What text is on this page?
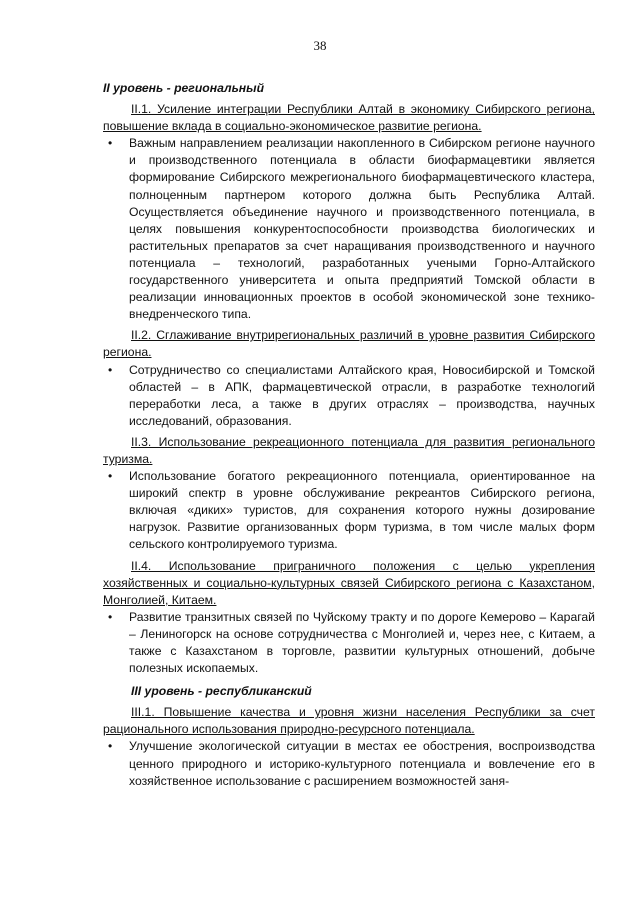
38

II уровень - региональный

II.1. Усиление интеграции Республики Алтай в экономику Сибирского региона, повышение вклада в социально-экономическое развитие региона.

• Важным направлением реализации накопленного в Сибирском регионе научного и производственного потенциала в области биофармацевтики является формирование Сибирского межрегионального биофармацевтического кластера, полноценным партнером которого должна быть Республика Алтай. Осуществляется объединение научного и производственного потенциала, в целях повышения конкурентоспособности производства биологических и растительных препаратов за счет наращивания производственного и научного потенциала – технологий, разработанных учеными Горно-Алтайского государственного университета и опыта предприятий Томской области в реализации инновационных проектов в особой экономической зоне технико-внедренческого типа.

II.2. Сглаживание внутрирегиональных различий в уровне развития Сибирского региона.

• Сотрудничество со специалистами Алтайского края, Новосибирской и Томской областей – в АПК, фармацевтической отрасли, в разработке технологий переработки леса, а также в других отраслях – производства, научных исследований, образования.

II.3. Использование рекреационного потенциала для развития регионального туризма.

• Использование богатого рекреационного потенциала, ориентированное на широкий спектр в уровне обслуживание рекреантов Сибирского региона, включая «диких» туристов, для сохранения которого нужны дозирование нагрузок. Развитие организованных форм туризма, в том числе малых форм сельского контролируемого туризма.

II.4. Использование приграничного положения с целью укрепления хозяйственных и социально-культурных связей Сибирского региона с Казахстаном, Монголией, Китаем.

• Развитие транзитных связей по Чуйскому тракту и по дороге Кемерово – Карагай – Лениногорск на основе сотрудничества с Монголией и, через нее, с Китаем, а также с Казахстаном в торговле, развитии культурных отношений, добыче полезных ископаемых.

III уровень - республиканский

III.1. Повышение качества и уровня жизни населения Республики за счет рационального использования природно-ресурсного потенциала.

• Улучшение экологической ситуации в местах ее обострения, воспроизводства ценного природного и историко-культурного потенциала и вовлечение его в хозяйственное использование с расширением возможностей заня-
